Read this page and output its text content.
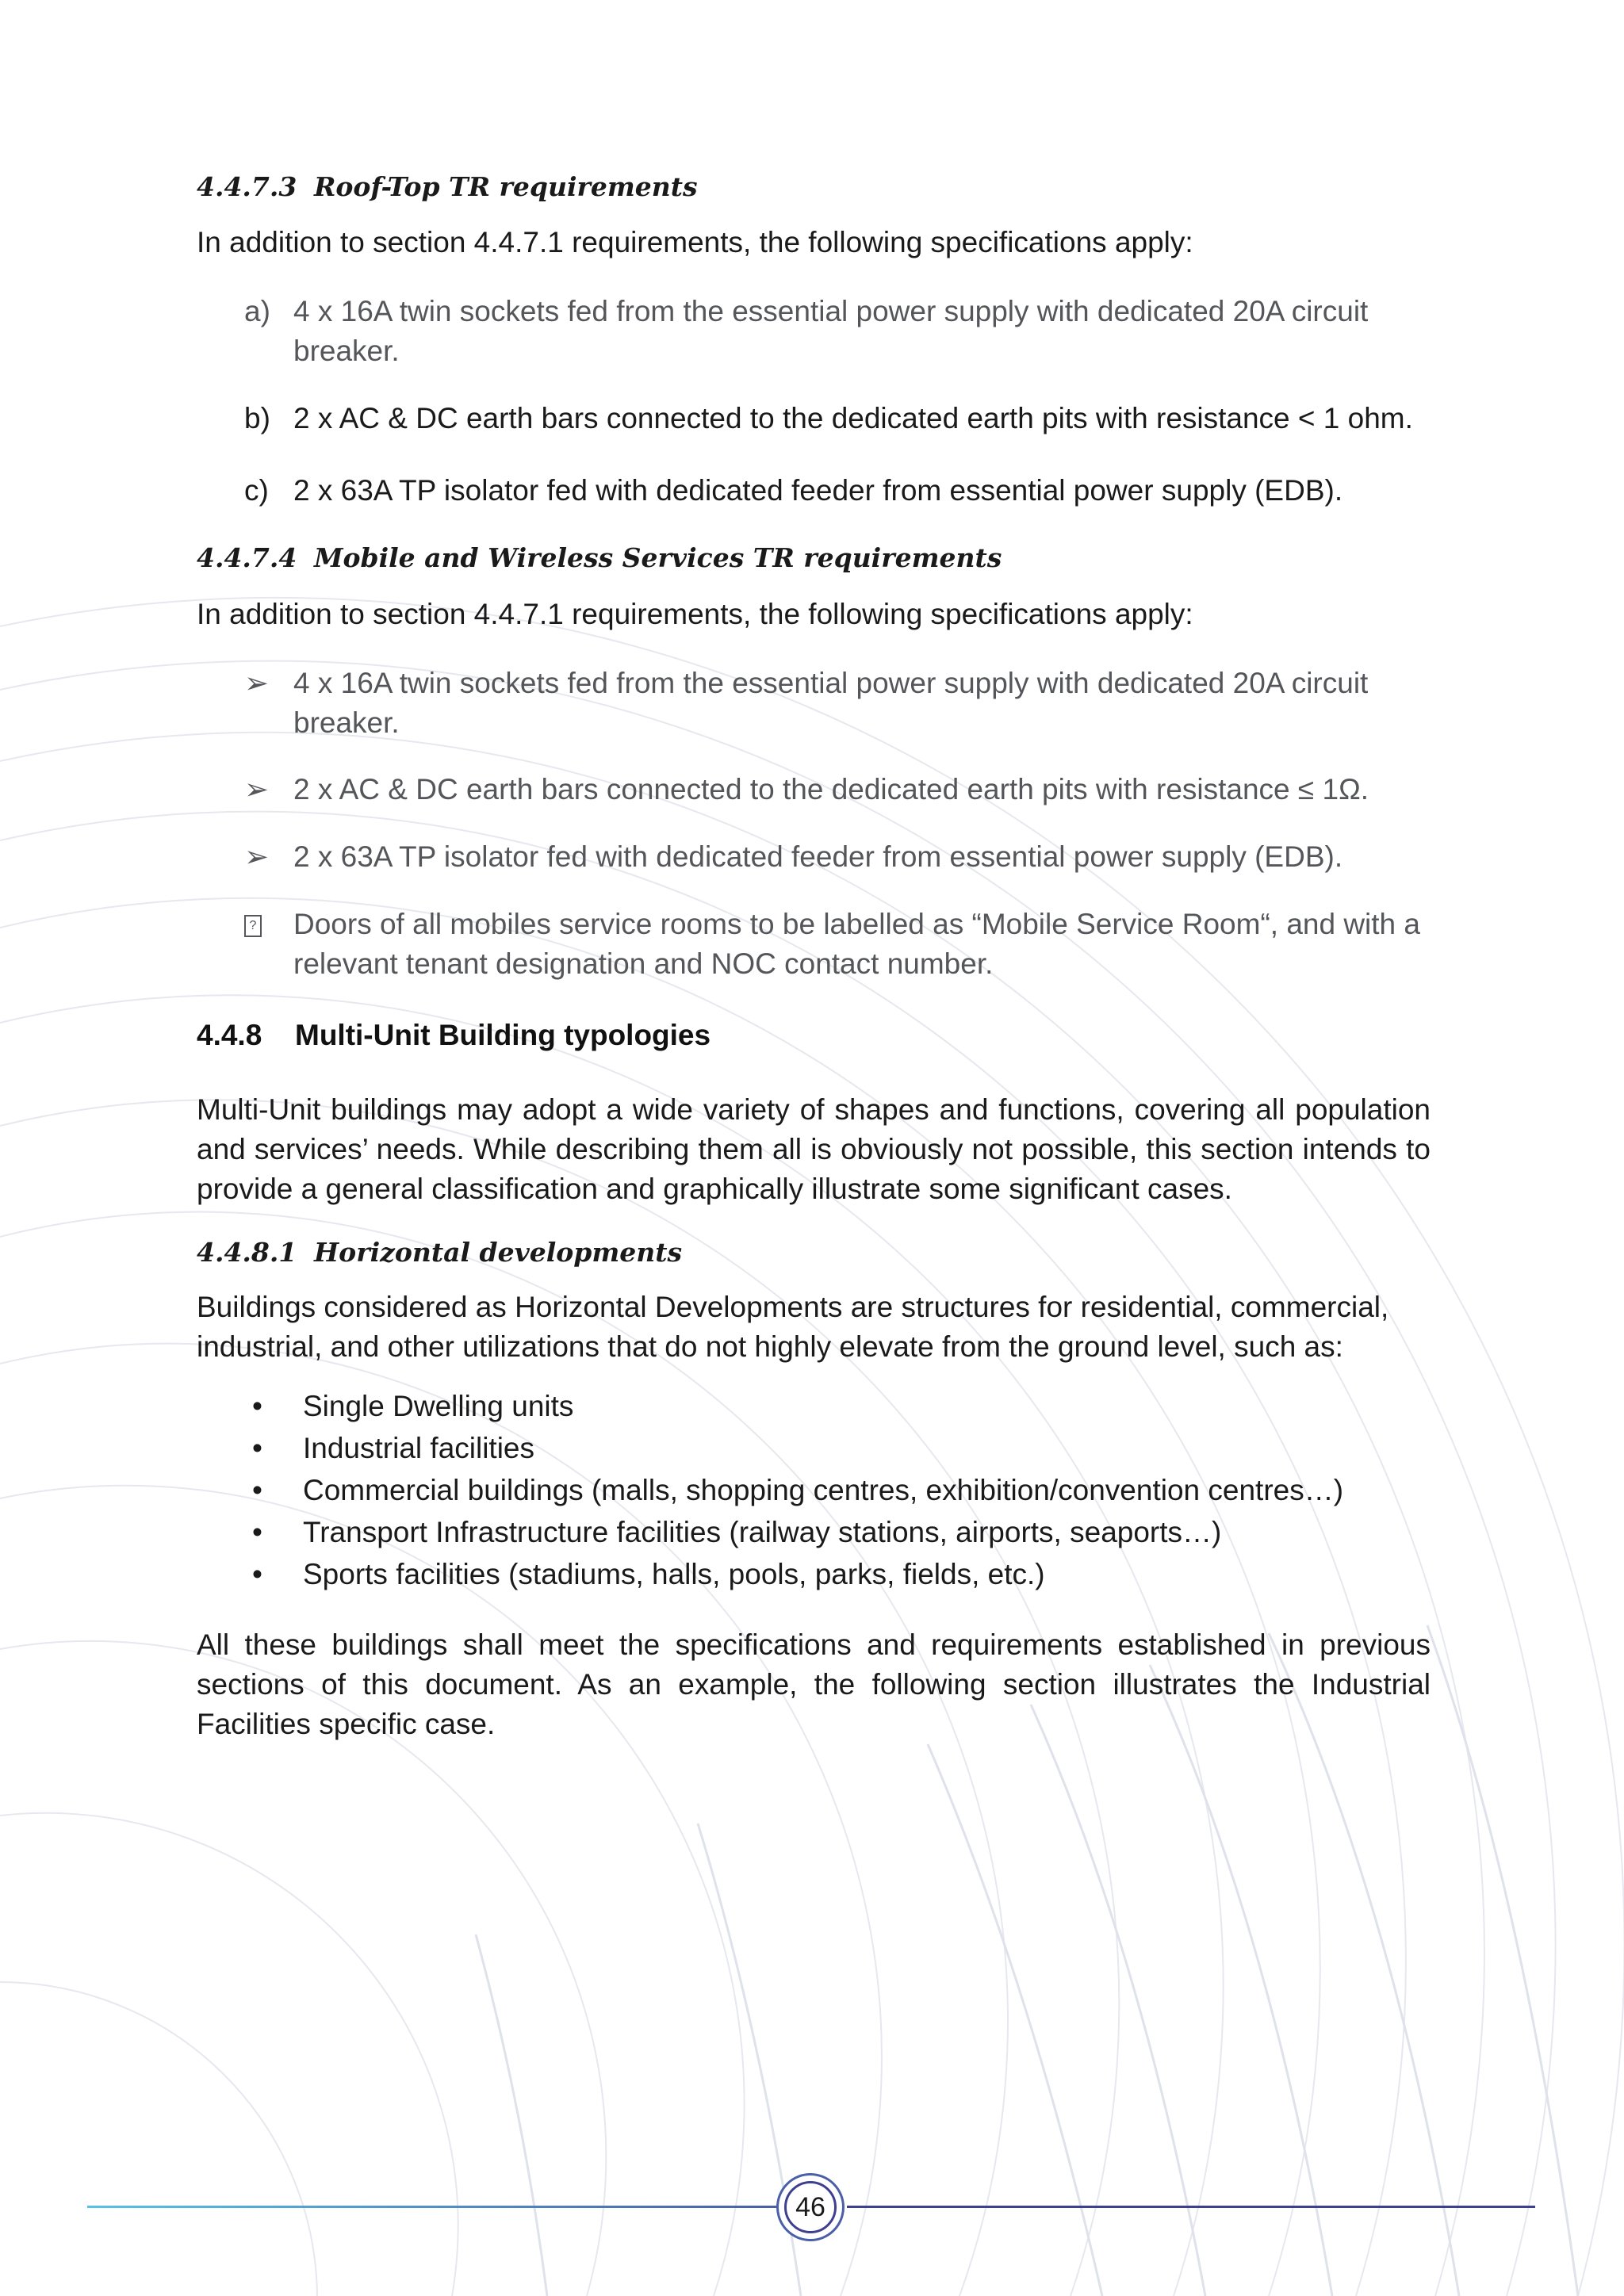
4.4.7.3 Roof-Top TR requirements
In addition to section 4.4.7.1 requirements, the following specifications apply:
a) 4 x 16A twin sockets fed from the essential power supply with dedicated 20A circuit breaker.
b) 2 x AC & DC earth bars connected to the dedicated earth pits with resistance < 1 ohm.
c) 2 x 63A TP isolator fed with dedicated feeder from essential power supply (EDB).
4.4.7.4 Mobile and Wireless Services TR requirements
In addition to section 4.4.7.1 requirements, the following specifications apply:
➢ 4 x 16A twin sockets fed from the essential power supply with dedicated 20A circuit breaker.
➢ 2 x AC & DC earth bars connected to the dedicated earth pits with resistance ≤ 1Ω.
➢ 2 x 63A TP isolator fed with dedicated feeder from essential power supply (EDB).
?	Doors of all mobiles service rooms to be labelled as “Mobile Service Room“, and with a relevant tenant designation and NOC contact number.
4.4.8 Multi-Unit Building typologies
Multi-Unit buildings may adopt a wide variety of shapes and functions, covering all population and services’ needs. While describing them all is obviously not possible, this section intends to provide a general classification and graphically illustrate some significant cases.
4.4.8.1 Horizontal developments
Buildings considered as Horizontal Developments are structures for residential, commercial, industrial, and other utilizations that do not highly elevate from the ground level, such as:
•	Single Dwelling units
•	Industrial facilities
•	Commercial buildings (malls, shopping centres, exhibition/convention centres…)
•	Transport Infrastructure facilities (railway stations, airports, seaports…)
•	Sports facilities (stadiums, halls, pools, parks, fields, etc.)
All these buildings shall meet the specifications and requirements established in previous sections of this document. As an example, the following section illustrates the Industrial Facilities specific case.
46
